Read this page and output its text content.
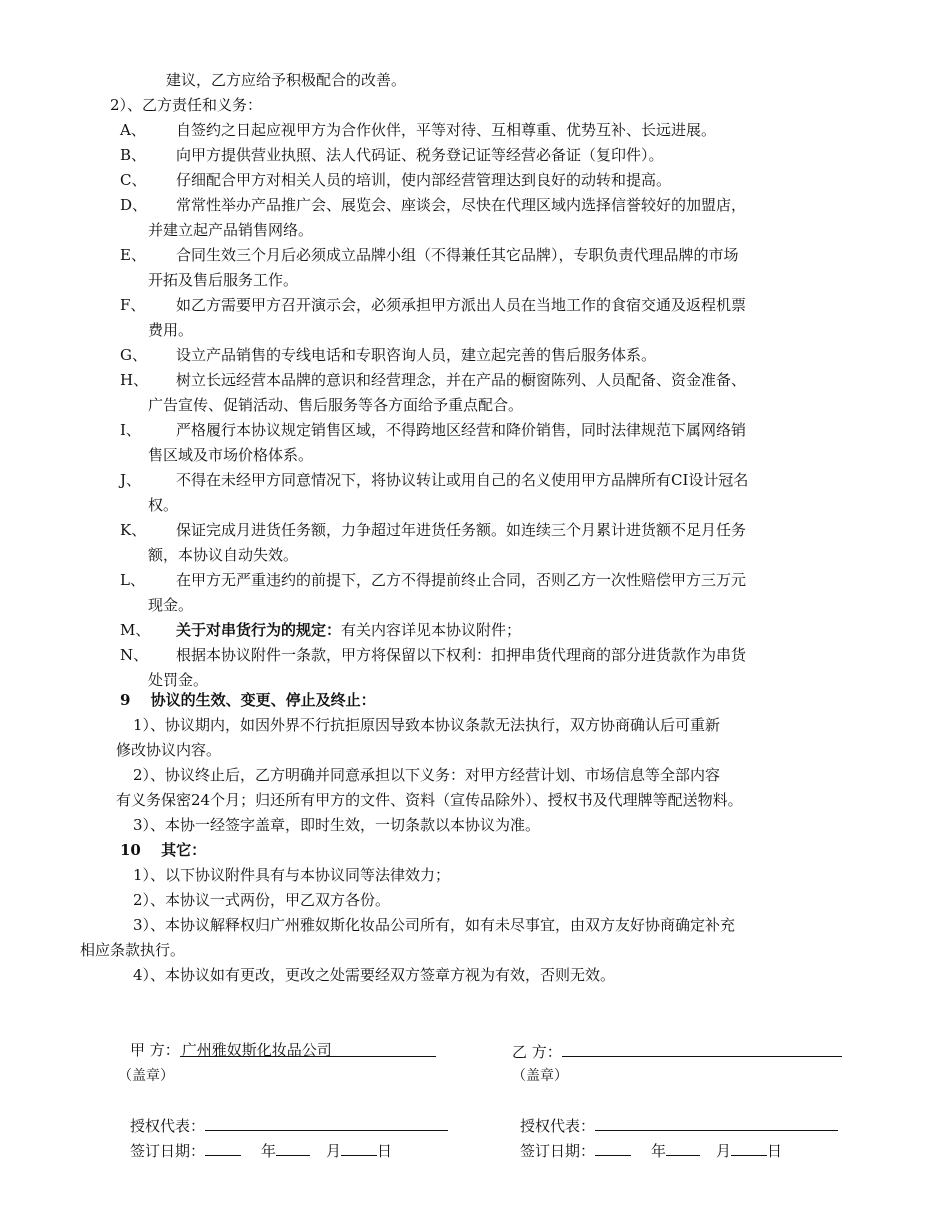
建议，乙方应给予积极配合的改善。
2）、乙方责任和义务：
A、 自签约之日起应视甲方为合作伙伴，平等对待、互相尊重、优势互补、长远进展。
B、 向甲方提供营业执照、法人代码证、税务登记证等经营必备证（复印件）。
C、 仔细配合甲方对相关人员的培训，使内部经营管理达到良好的动转和提高。
D、 常常性举办产品推广会、展览会、座谈会，尽快在代理区域内选择信誉较好的加盟店，
并建立起产品销售网络。
E、 合同生效三个月后必须成立品牌小组（不得兼任其它品牌），专职负责代理品牌的市场
开拓及售后服务工作。
F、 如乙方需要甲方召开演示会，必须承担甲方派出人员在当地工作的食宿交通及返程机票
费用。
G、 设立产品销售的专线电话和专职咨询人员，建立起完善的售后服务体系。
H、 树立长远经营本品牌的意识和经营理念，并在产品的橱窗陈列、人员配备、资金准备、
广告宣传、促销活动、售后服务等各方面给予重点配合。
I、 严格履行本协议规定销售区域，不得跨地区经营和降价销售，同时法律规范下属网络销
售区域及市场价格体系。
J、 不得在未经甲方同意情况下，将协议转让或用自己的名义使用甲方品牌所有CI设计冠名
权。
K、 保证完成月进货任务额，力争超过年进货任务额。如连续三个月累计进货额不足月任务
额，本协议自动失效。
L、 在甲方无严重违约的前提下，乙方不得提前终止合同，否则乙方一次性赔偿甲方三万元
现金。
M、 关于对串货行为的规定：有关内容详见本协议附件；
N、 根据本协议附件一条款，甲方将保留以下权利：扣押串货代理商的部分进货款作为串货
处罚金。
9　 协议的生效、变更、停止及终止：
1）、协议期内，如因外界不行抗拒原因导致本协议条款无法执行，双方协商确认后可重新
修改协议内容。
2）、协议终止后，乙方明确并同意承担以下义务：对甲方经营计划、市场信息等全部内容
有义务保密24个月；归还所有甲方的文件、资料（宣传品除外）、授权书及代理牌等配送物料。
3）、本协一经签字盖章，即时生效，一切条款以本协议为准。
10　 其它：
1）、以下协议附件具有与本协议同等法律效力；
2）、本协议一式两份，甲乙双方各份。
3）、本协议解释权归广州雅奴斯化妆品公司所有，如有未尽事宜，由双方友好协商确定补充
相应条款执行。
4）、本协议如有更改，更改之处需要经双方签章方视为有效，否则无效。
甲 方： 广州雅奴斯化妆品公司
（盖章）
乙 方：
（盖章）
授权代表：	授权代表：
签订日期：	年	月 日	签订日期：	年	月 日
